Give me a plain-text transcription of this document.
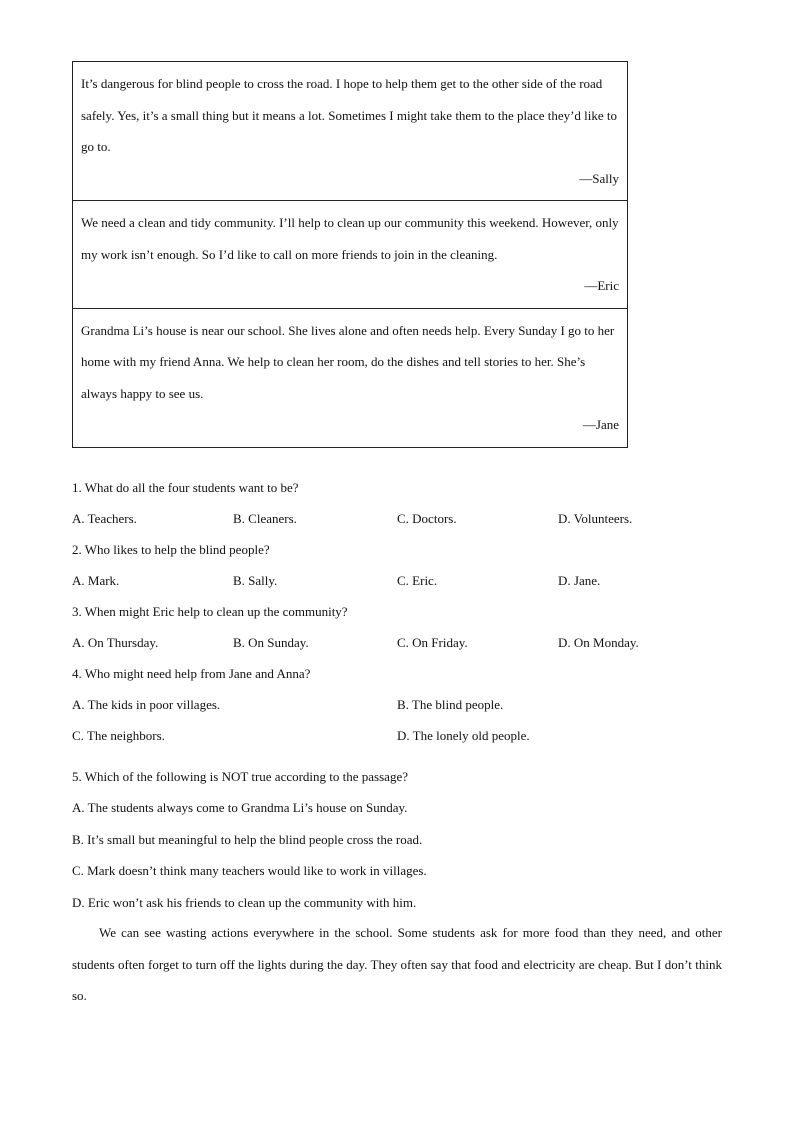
It’s dangerous for blind people to cross the road. I hope to help them get to the other side of the road safely. Yes, it’s a small thing but it means a lot. Sometimes I might take them to the place they’d like to go to.

—Sally

We need a clean and tidy community. I’ll help to clean up our community this weekend. However, only my work isn’t enough. So I’d like to call on more friends to join in the cleaning.

—Eric

Grandma Li’s house is near our school. She lives alone and often needs help. Every Sunday I go to her home with my friend Anna. We help to clean her room, do the dishes and tell stories to her. She’s always happy to see us.

—Jane

1. What do all the four students want to be?

A. Teachers.	B. Cleaners.	C. Doctors.	D. Volunteers.

2. Who likes to help the blind people?

A. Mark.	B. Sally.	C. Eric.	D. Jane.

3. When might Eric help to clean up the community?

A. On Thursday.	B. On Sunday.	C. On Friday.	D. On Monday.

4. Who might need help from Jane and Anna?

A. The kids in poor villages.	B. The blind people.
C. The neighbors.	D. The lonely old people.

5. Which of the following is NOT true according to the passage?

A. The students always come to Grandma Li’s house on Sunday.

B. It’s small but meaningful to help the blind people cross the road.

C. Mark doesn’t think many teachers would like to work in villages.

D. Eric won’t ask his friends to clean up the community with him.

We can see wasting actions everywhere in the school. Some students ask for more food than they need, and other students often forget to turn off the lights during the day. They often say that food and electricity are cheap. But I don’t think so.
